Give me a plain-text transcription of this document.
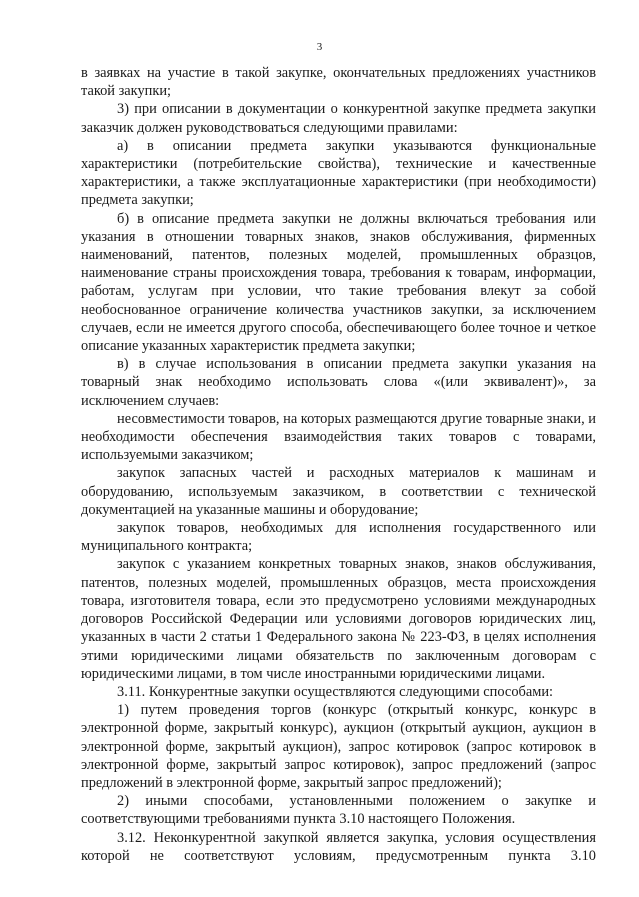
3

в заявках на участие в такой закупке, окончательных предложениях участников такой закупки;

3) при описании в документации о конкурентной закупке предмета закупки заказчик должен руководствоваться следующими правилами:

а) в описании предмета закупки указываются функциональные характеристики (потребительские свойства), технические и качественные характеристики, а также эксплуатационные характеристики (при необходимости) предмета закупки;

б) в описание предмета закупки не должны включаться требования или указания в отношении товарных знаков, знаков обслуживания, фирменных наименований, патентов, полезных моделей, промышленных образцов, наименование страны происхождения товара, требования к товарам, информации, работам, услугам при условии, что такие требования влекут за собой необоснованное ограничение количества участников закупки, за исключением случаев, если не имеется другого способа, обеспечивающего более точное и четкое описание указанных характеристик предмета закупки;

в) в случае использования в описании предмета закупки указания на товарный знак необходимо использовать слова «(или эквивалент)», за исключением случаев:

несовместимости товаров, на которых размещаются другие товарные знаки, и необходимости обеспечения взаимодействия таких товаров с товарами, используемыми заказчиком;

закупок запасных частей и расходных материалов к машинам и оборудованию, используемым заказчиком, в соответствии с технической документацией на указанные машины и оборудование;

закупок товаров, необходимых для исполнения государственного или муниципального контракта;

закупок с указанием конкретных товарных знаков, знаков обслуживания, патентов, полезных моделей, промышленных образцов, места происхождения товара, изготовителя товара, если это предусмотрено условиями международных договоров Российской Федерации или условиями договоров юридических лиц, указанных в части 2 статьи 1 Федерального закона № 223-ФЗ, в целях исполнения этими юридическими лицами обязательств по заключенным договорам с юридическими лицами, в том числе иностранными юридическими лицами.

3.11. Конкурентные закупки осуществляются следующими способами:

1) путем проведения торгов (конкурс (открытый конкурс, конкурс в электронной форме, закрытый конкурс), аукцион (открытый аукцион, аукцион в электронной форме, закрытый аукцион), запрос котировок (запрос котировок в электронной форме, закрытый запрос котировок), запрос предложений (запрос предложений в электронной форме, закрытый запрос предложений);

2) иными способами, установленными положением о закупке и соответствующими требованиями пункта 3.10 настоящего Положения.

3.12. Неконкурентной закупкой является закупка, условия осуществления которой не соответствуют условиям, предусмотренным пункта 3.10
